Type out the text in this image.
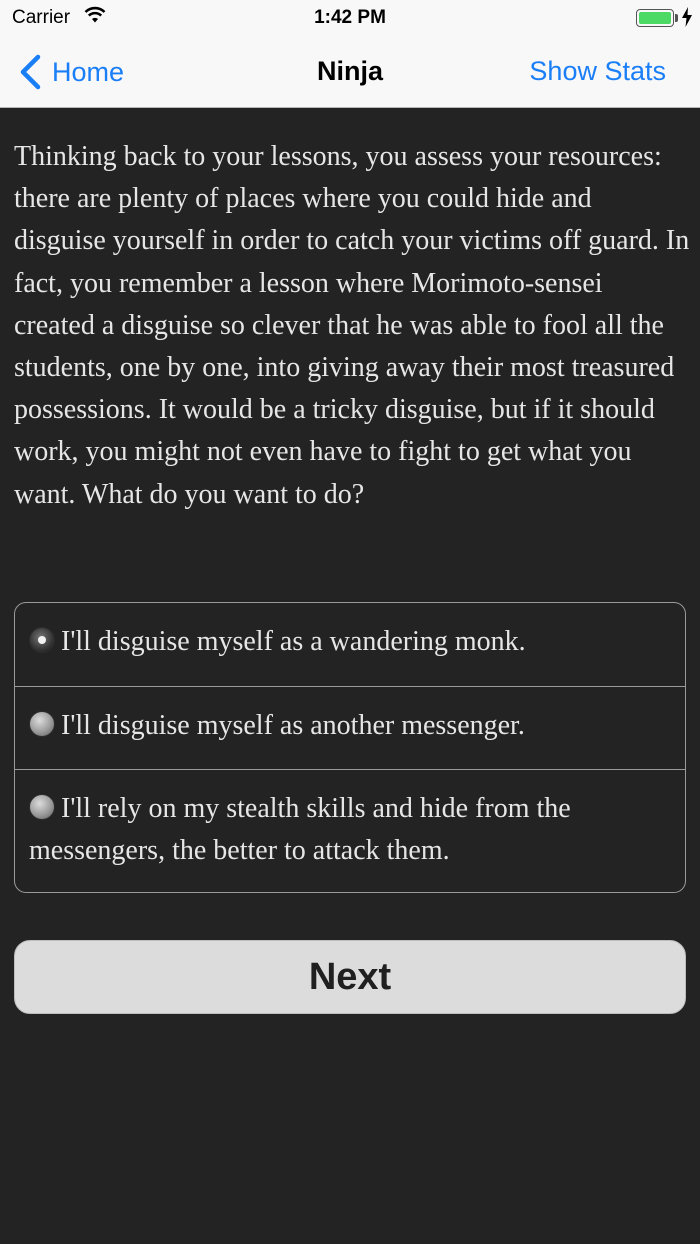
Carrier	1:42 PM
Home	Ninja	Show Stats
Thinking back to your lessons, you assess your resources: there are plenty of places where you could hide and disguise yourself in order to catch your victims off guard. In fact, you remember a lesson where Morimoto-sensei created a disguise so clever that he was able to fool all the students, one by one, into giving away their most treasured possessions. It would be a tricky disguise, but if it should work, you might not even have to fight to get what you want. What do you want to do?
I'll disguise myself as a wandering monk.
I'll disguise myself as another messenger.
I'll rely on my stealth skills and hide from the messengers, the better to attack them.
Next
